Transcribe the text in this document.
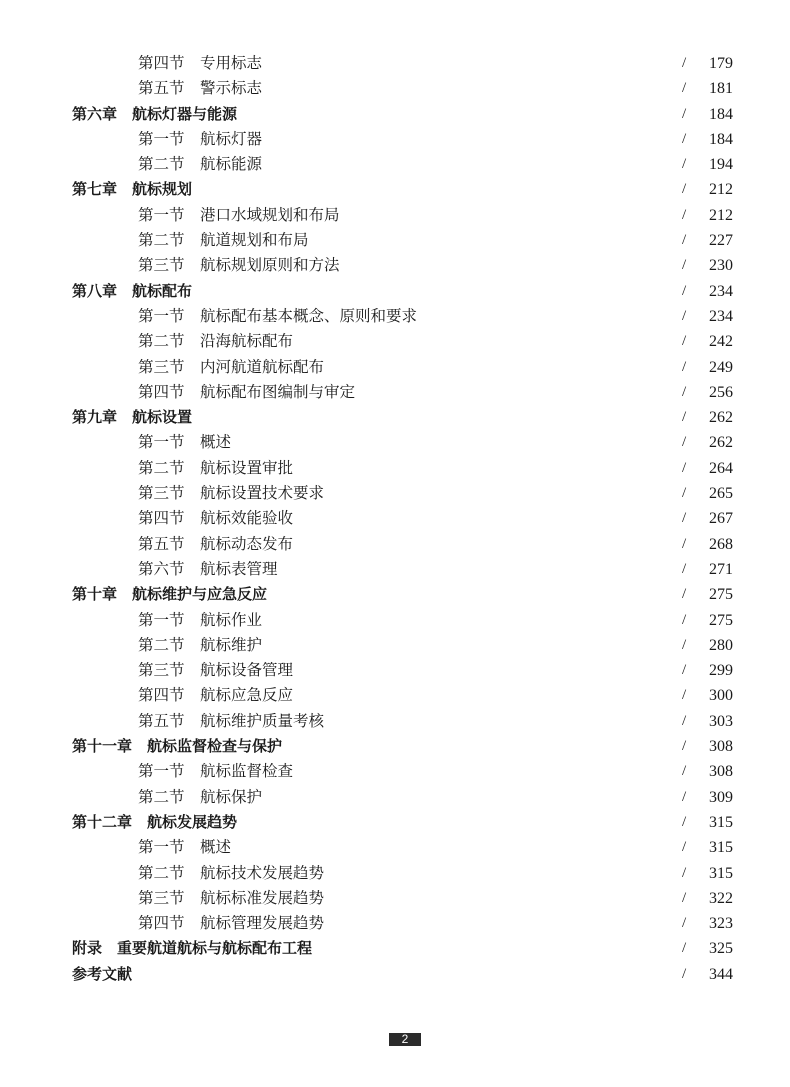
第四节　专用标志	/ 179
第五节　警示标志	/ 181
第六章　航标灯器与能源	/ 184
第一节　航标灯器	/ 184
第二节　航标能源	/ 194
第七章　航标规划	/ 212
第一节　港口水域规划和布局	/ 212
第二节　航道规划和布局	/ 227
第三节　航标规划原则和方法	/ 230
第八章　航标配布	/ 234
第一节　航标配布基本概念、原则和要求	/ 234
第二节　沿海航标配布	/ 242
第三节　内河航道航标配布	/ 249
第四节　航标配布图编制与审定	/ 256
第九章　航标设置	/ 262
第一节　概述	/ 262
第二节　航标设置审批	/ 264
第三节　航标设置技术要求	/ 265
第四节　航标效能验收	/ 267
第五节　航标动态发布	/ 268
第六节　航标表管理	/ 271
第十章　航标维护与应急反应	/ 275
第一节　航标作业	/ 275
第二节　航标维护	/ 280
第三节　航标设备管理	/ 299
第四节　航标应急反应	/ 300
第五节　航标维护质量考核	/ 303
第十一章　航标监督检查与保护	/ 308
第一节　航标监督检查	/ 308
第二节　航标保护	/ 309
第十二章　航标发展趋势	/ 315
第一节　概述	/ 315
第二节　航标技术发展趋势	/ 315
第三节　航标标准发展趋势	/ 322
第四节　航标管理发展趋势	/ 323
附录　重要航道航标与航标配布工程	/ 325
参考文献	/ 344
2
